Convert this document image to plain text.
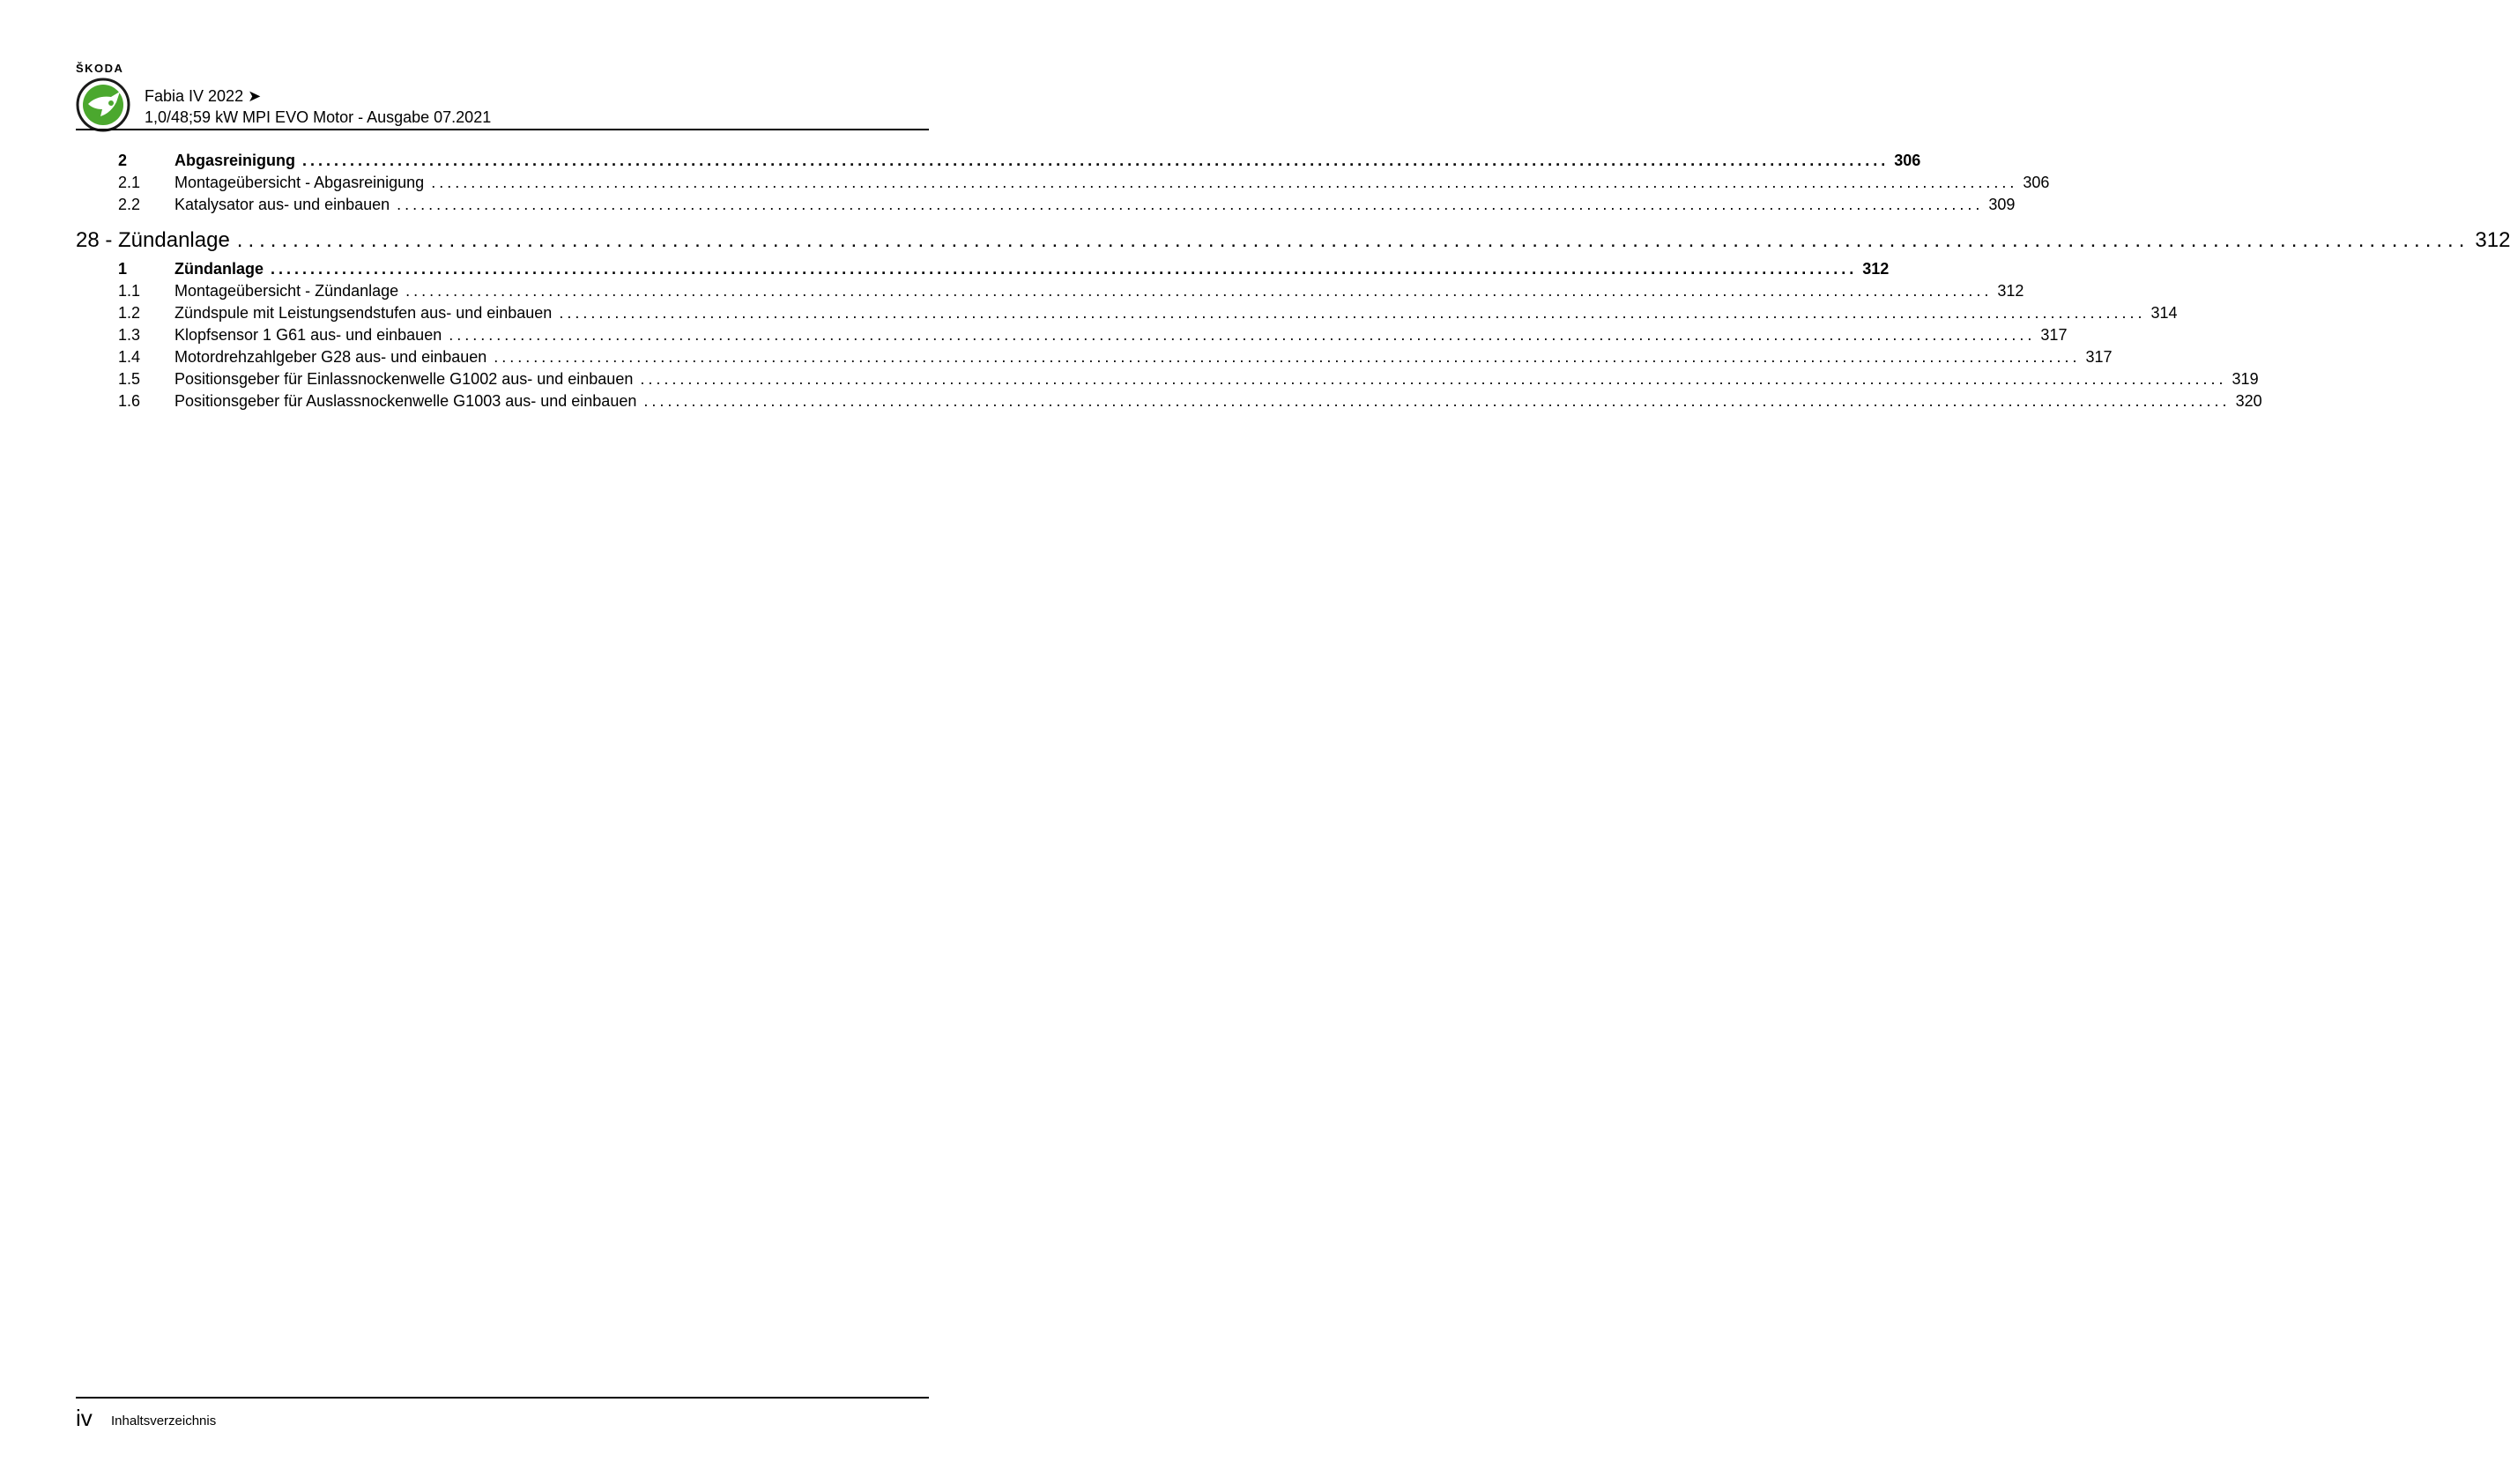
ŠKODA
Fabia IV 2022 ➤
1,0/48;59 kW MPI EVO Motor - Ausgabe 07.2021
2	Abgasreinigung ........................................................................................................................................................................................................ 306
2.1	Montageübersicht - Abgasreinigung ........................................................................................................................................................................................................ 306
2.2	Katalysator aus- und einbauen ........................................................................................................................................................................................................ 309
28 - Zündanlage ........................................................................................................................................................................................................ 312
1	Zündanlage ........................................................................................................................................................................................................ 312
1.1	Montageübersicht - Zündanlage ........................................................................................................................................................................................................ 312
1.2	Zündspule mit Leistungsendstufen aus- und einbauen ........................................................................................................................................................................................................ 314
1.3	Klopfsensor 1 G61 aus- und einbauen ........................................................................................................................................................................................................ 317
1.4	Motordrehzahlgeber G28 aus- und einbauen ........................................................................................................................................................................................................ 317
1.5	Positionsgeber für Einlassnockenwelle G1002 aus- und einbauen ........................................................................................................................................................................................................ 319
1.6	Positionsgeber für Auslassnockenwelle G1003 aus- und einbauen ........................................................................................................................................................................................................ 320
iv Inhaltsverzeichnis
